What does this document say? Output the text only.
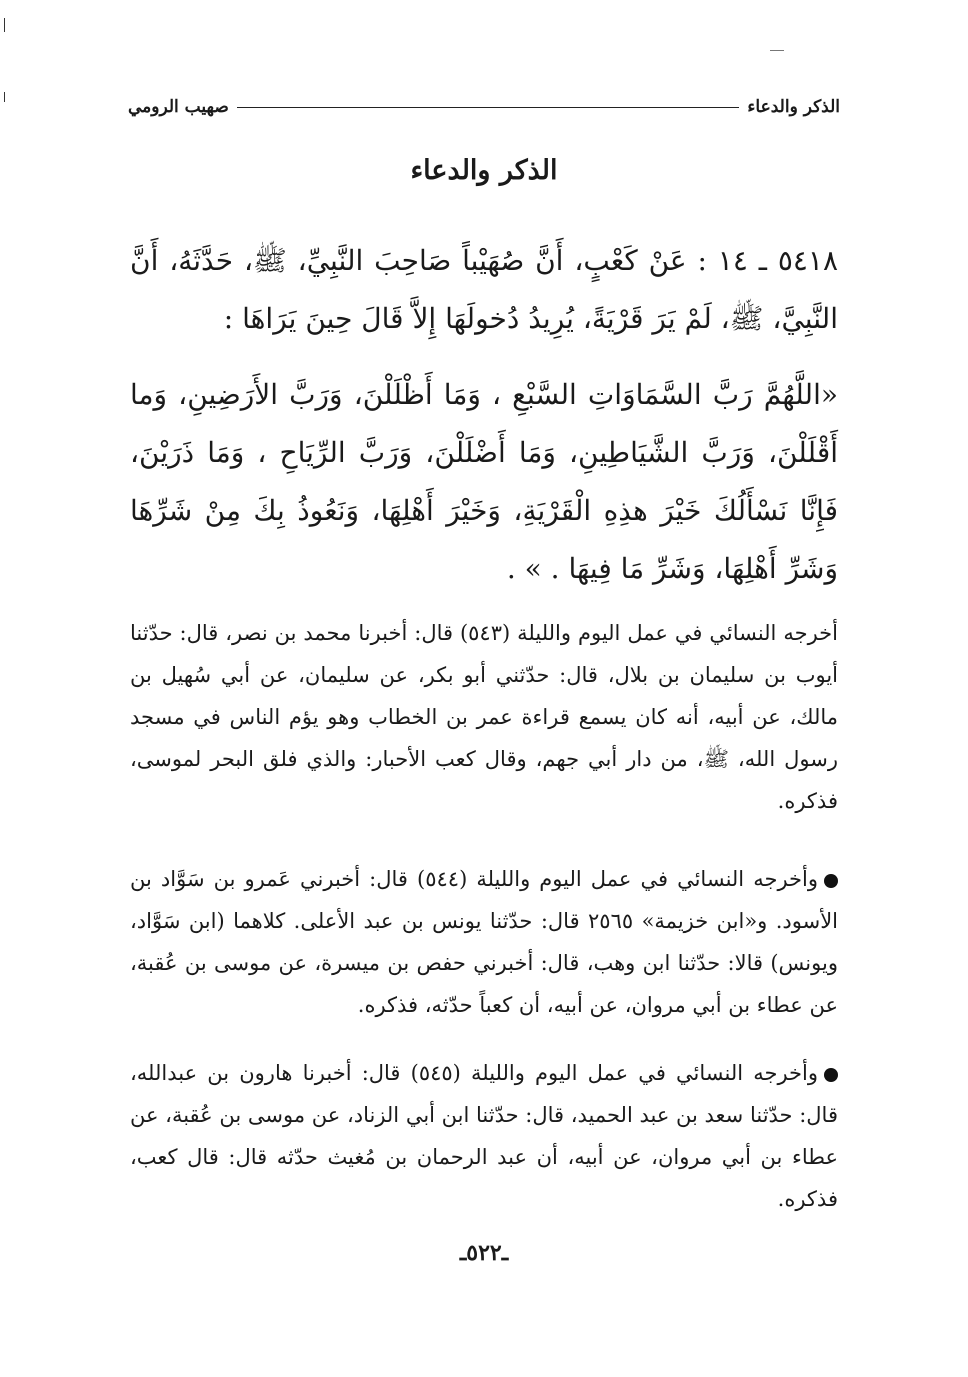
الذكر والدعاء
صهيب الرومي
الذكر والدعاء
٥٤١٨ ـ ١٤ : عَنْ كَعْبٍ، أَنَّ صُهَيْباً صَاحِبَ النَّبِيِّ، ﷺ، حَدَّثَهُ، أَنَّ النَّبِيَّ، ﷺ، لَمْ يَرَ قَرْيَةً، يُرِيدُ دُخولَهَا إِلاَّ قَالَ حِينَ يَرَاهَا :
«اللَّهُمَّ رَبَّ السَّمَاوَاتِ السَّبْعِ ، وَمَا أَظْلَلْنَ، وَرَبَّ الأَرَضِينِ، وَما أَقْلَلْنَ، وَرَبَّ الشَّيَاطِينِ، وَمَا أَضْلَلْنَ، وَرَبَّ الرِّيَاحِ ، وَمَا ذَرَيْنَ، فَإِنَّا نَسْأَلُكَ خَيْرَ هذِهِ الْقَرْيَةِ، وَخَيْرَ أَهْلِهَا، وَنَعُوذُ بِكَ مِنْ شَرِّهَا وَشَرِّ أَهْلِهَا، وَشَرِّ مَا فِيهَا . » .
أخرجه النسائي في عمل اليوم والليلة (٥٤٣) قال: أخبرنا محمد بن نصر، قال: حدّثنا أيوب بن سليمان بن بلال، قال: حدّثني أبو بكر، عن سليمان، عن أبي سُهيل بن مالك، عن أبيه، أنه كان يسمع قراءة عمر بن الخطاب وهو يؤم الناس في مسجد رسول الله، ﷺ، من دار أبي جهم، وقال كعب الأحبار: والذي فلق البحر لموسى، فذكره.
وأخرجه النسائي في عمل اليوم والليلة (٥٤٤) قال: أخبرني عَمرو بن سَوَّاد بن الأسود. و«ابن خزيمة» ٢٥٦٥ قال: حدّثنا يونس بن عبد الأعلى. كلاهما (ابن سَوَّاد، ويونس) قالا: حدّثنا ابن وهب، قال: أخبرني حفص بن ميسرة، عن موسى بن عُقبة، عن عطاء بن أبي مروان، عن أبيه، أن كعباً حدّثه، فذكره.
وأخرجه النسائي في عمل اليوم والليلة (٥٤٥) قال: أخبرنا هارون بن عبدالله، قال: حدّثنا سعد بن عبد الحميد، قال: حدّثنا ابن أبي الزناد، عن موسى بن عُقبة، عن عطاء بن أبي مروان، عن أبيه، أن عبد الرحمان بن مُغيث حدّثه قال: قال كعب، فذكره.
ـ٥٢٢ـ
